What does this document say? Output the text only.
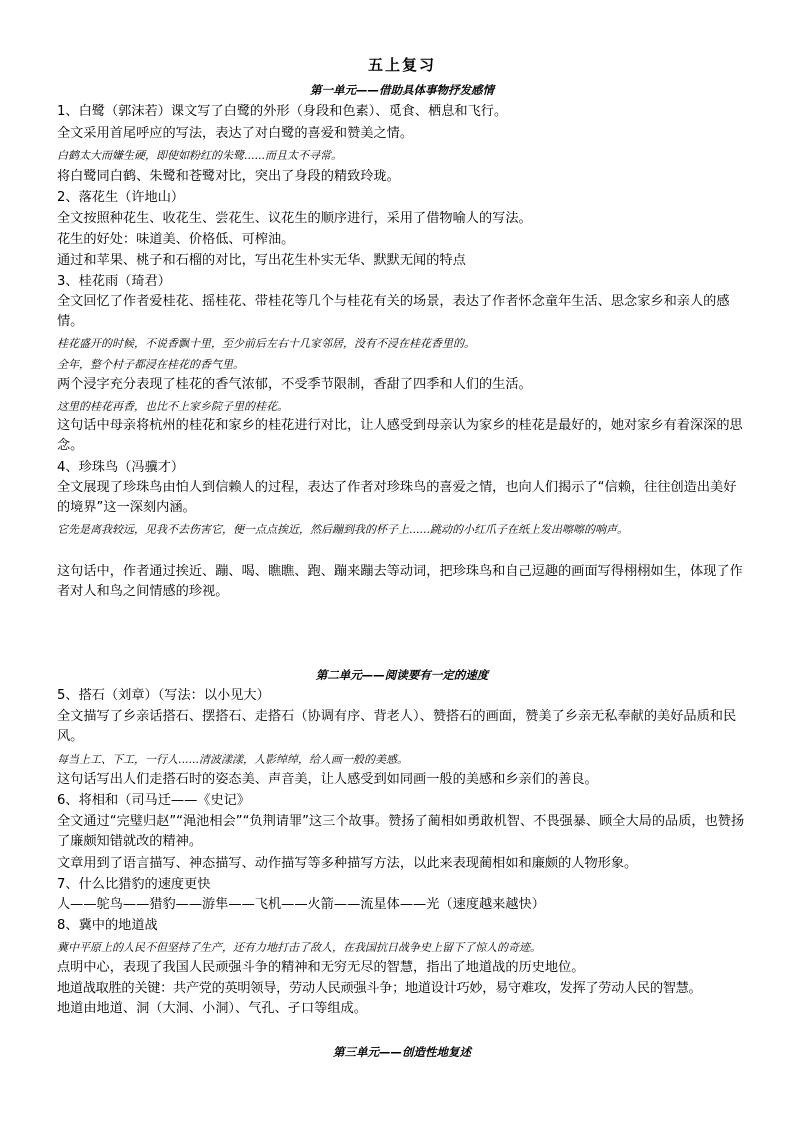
五上复习
第一单元——借助具体事物抒发感情
1、白鹭（郭沫若）课文写了白鹭的外形（身段和色素）、觅食、栖息和飞行。
全文采用首尾呼应的写法，表达了对白鹭的喜爱和赞美之情。
白鹤太大而嫌生硬，即使如粉红的朱鹭......而且太不寻常。
将白鹭同白鹤、朱鹭和苍鹭对比，突出了身段的精致玲珑。
2、落花生（许地山）
全文按照种花生、收花生、尝花生、议花生的顺序进行，采用了借物喻人的写法。
花生的好处：味道美、价格低、可榨油。
通过和苹果、桃子和石榴的对比，写出花生朴实无华、默默无闻的特点
3、桂花雨（琦君）
全文回忆了作者爱桂花、摇桂花、带桂花等几个与桂花有关的场景，表达了作者怀念童年生活、思念家乡和亲人的感情。
桂花盛开的时候，不说香飘十里，至少前后左右十几家邻居，没有不浸在桂花香里的。
全年，整个村子都浸在桂花的香气里。
两个浸字充分表现了桂花的香气浓郁，不受季节限制，香甜了四季和人们的生活。
这里的桂花再香，也比不上家乡院子里的桂花。
这句话中母亲将杭州的桂花和家乡的桂花进行对比，让人感受到母亲认为家乡的桂花是最好的，她对家乡有着深深的思念。
4、珍珠鸟（冯骥才）
全文展现了珍珠鸟由怕人到信赖人的过程，表达了作者对珍珠鸟的喜爱之情，也向人们揭示了“信赖，往往创造出美好的境界”这一深刻内涵。
它先是离我较远，见我不去伤害它，便一点点挨近，然后蹦到我的杯子上......跳动的小红爪子在纸上发出嚓嚓的响声。
这句话中，作者通过挨近、蹦、喝、瞧瞧、跑、蹦来蹦去等动词，把珍珠鸟和自己逗趣的画面写得栩栩如生，体现了作者对人和鸟之间情感的珍视。
第二单元——阅读要有一定的速度
5、搭石（刘章）（写法：以小见大）
全文描写了乡亲话搭石、摆搭石、走搭石（协调有序、背老人）、赞搭石的画面，赞美了乡亲无私奉献的美好品质和民风。
每当上工、下工，一行人......清波漾漾，人影绰绰，给人画一般的美感。
这句话写出人们走搭石时的姿态美、声音美，让人感受到如同画一般的美感和乡亲们的善良。
6、将相和（司马迁——《史记》
全文通过“完璧归赵”“渑池相会”“负荆请罪”这三个故事。赞扬了蔺相如勇敢机智、不畏强暴、顾全大局的品质，也赞扬了廉颇知错就改的精神。
文章用到了语言描写、神态描写、动作描写等多种描写方法，以此来表现蔺相如和廉颇的人物形象。
7、什么比猎豹的速度更快
人——鸵鸟——猎豹——游隼——飞机——火箭——流星体——光（速度越来越快）
8、冀中的地道战
冀中平原上的人民不但坚持了生产，还有力地打击了敌人，在我国抗日战争史上留下了惊人的奇迹。
点明中心，表现了我国人民顽强斗争的精神和无穷无尽的智慧，指出了地道战的历史地位。
地道战取胜的关键：共产党的英明领导，劳动人民顽强斗争；地道设计巧妙，易守难攻，发挥了劳动人民的智慧。
地道由地道、洞（大洞、小洞）、气孔、孑口等组成。
第三单元——创造性地复述
